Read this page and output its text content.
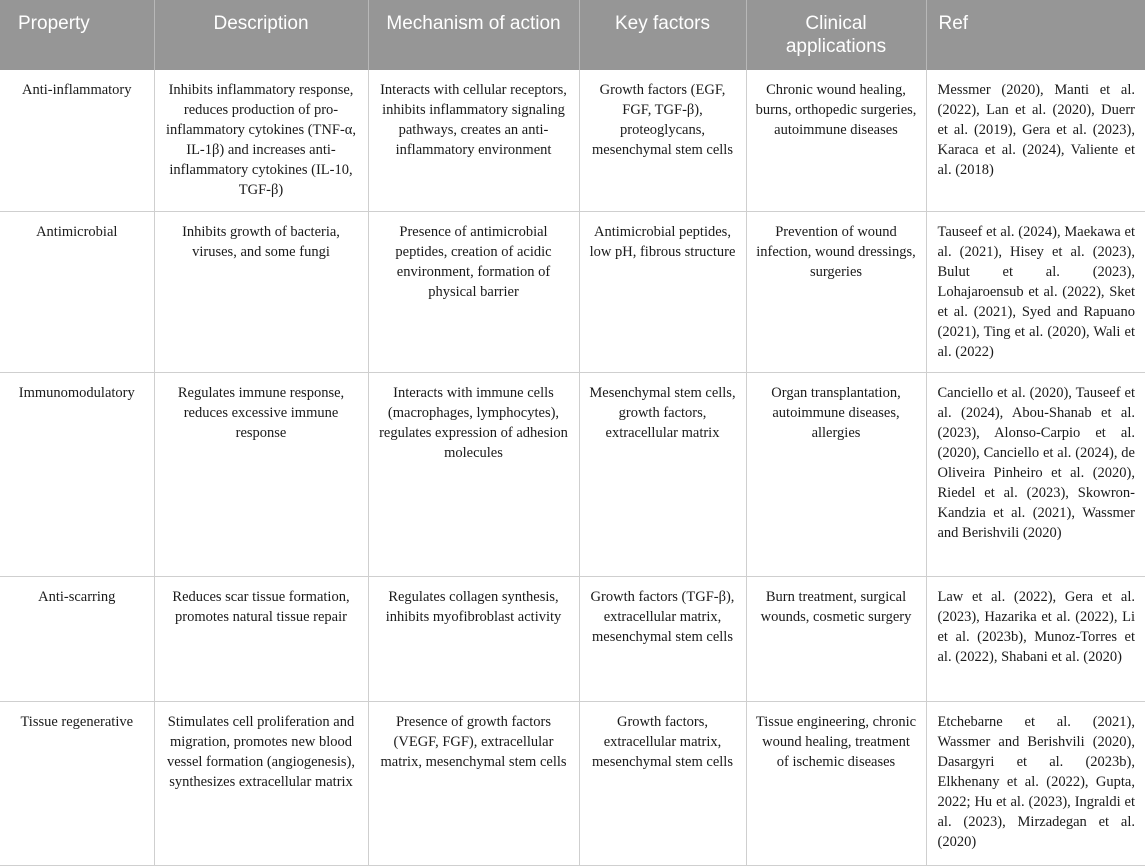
Property	Description	Mechanism of action	Key factors	Clinical applications	Ref
Anti-inflammatory	Inhibits inflammatory response, reduces production of pro-inflammatory cytokines (TNF-α, IL-1β) and increases anti-inflammatory cytokines (IL-10, TGF-β)	Interacts with cellular receptors, inhibits inflammatory signaling pathways, creates an anti-inflammatory environment	Growth factors (EGF, FGF, TGF-β), proteoglycans, mesenchymal stem cells	Chronic wound healing, burns, orthopedic surgeries, autoimmune diseases	Messmer (2020), Manti et al. (2022), Lan et al. (2020), Duerr et al. (2019), Gera et al. (2023), Karaca et al. (2024), Valiente et al. (2018)
Antimicrobial	Inhibits growth of bacteria, viruses, and some fungi	Presence of antimicrobial peptides, creation of acidic environment, formation of physical barrier	Antimicrobial peptides, low pH, fibrous structure	Prevention of wound infection, wound dressings, surgeries	Tauseef et al. (2024), Maekawa et al. (2021), Hisey et al. (2023), Bulut et al. (2023), Lohajaroensub et al. (2022), Sket et al. (2021), Syed and Rapuano (2021), Ting et al. (2020), Wali et al. (2022)
Immunomodulatory	Regulates immune response, reduces excessive immune response	Interacts with immune cells (macrophages, lymphocytes), regulates expression of adhesion molecules	Mesenchymal stem cells, growth factors, extracellular matrix	Organ transplantation, autoimmune diseases, allergies	Canciello et al. (2020), Tauseef et al. (2024), Abou-Shanab et al. (2023), Alonso-Carpio et al. (2020), Canciello et al. (2024), de Oliveira Pinheiro et al. (2020), Riedel et al. (2023), Skowron-Kandzia et al. (2021), Wassmer and Berishvili (2020)
Anti-scarring	Reduces scar tissue formation, promotes natural tissue repair	Regulates collagen synthesis, inhibits myofibroblast activity	Growth factors (TGF-β), extracellular matrix, mesenchymal stem cells	Burn treatment, surgical wounds, cosmetic surgery	Law et al. (2022), Gera et al. (2023), Hazarika et al. (2022), Li et al. (2023b), Munoz-Torres et al. (2022), Shabani et al. (2020)
Tissue regenerative	Stimulates cell proliferation and migration, promotes new blood vessel formation (angiogenesis), synthesizes extracellular matrix	Presence of growth factors (VEGF, FGF), extracellular matrix, mesenchymal stem cells	Growth factors, extracellular matrix, mesenchymal stem cells	Tissue engineering, chronic wound healing, treatment of ischemic diseases	Etchebarne et al. (2021), Wassmer and Berishvili (2020), Dasargyri et al. (2023b), Elkhenany et al. (2022), Gupta, 2022; Hu et al. (2023), Ingraldi et al. (2023), Mirzadegan et al. (2020)
